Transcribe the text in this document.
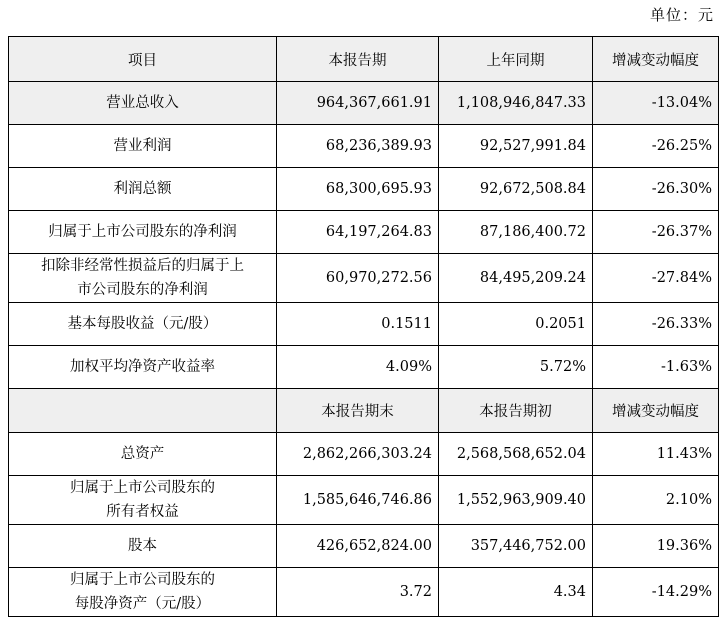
单位：元
项目	本报告期	上年同期	增减变动幅度
营业总收入	964,367,661.91	1,108,946,847.33	-13.04%
营业利润	68,236,389.93	92,527,991.84	-26.25%
利润总额	68,300,695.93	92,672,508.84	-26.30%
归属于上市公司股东的净利润	64,197,264.83	87,186,400.72	-26.37%

扣除非经常性损益后的归属于上
市公司股东的净利润	60,970,272.56	84,495,209.24	-27.84%
基本每股收益（元/股）	0.1511	0.2051	-26.33%
加权平均净资产收益率	4.09%	5.72%	-1.63%
	本报告期末	本报告期初	增减变动幅度
总资产	2,862,266,303.24	2,568,568,652.04	11.43%

归属于上市公司股东的
所有者权益	1,585,646,746.86	1,552,963,909.40	2.10%
股本	426,652,824.00	357,446,752.00	19.36%

归属于上市公司股东的
每股净资产（元/股）	3.72	4.34	-14.29%
